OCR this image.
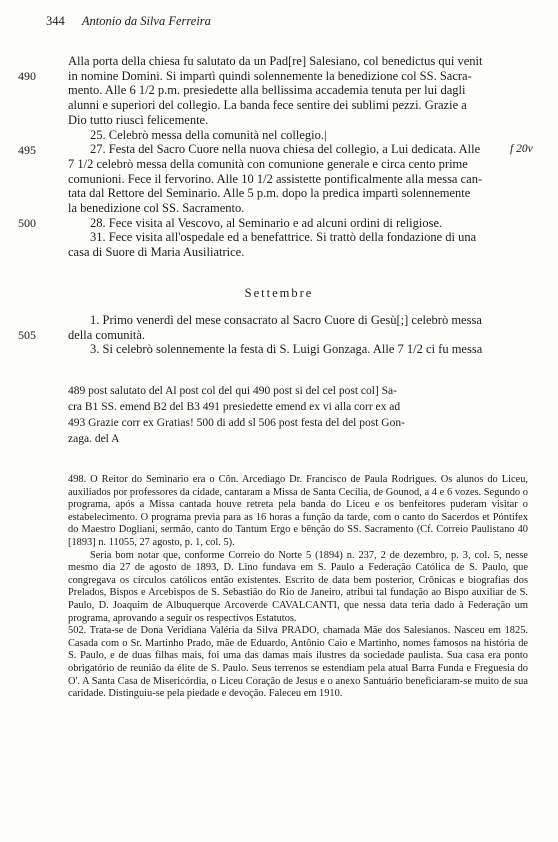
344 Antonio da Silva Ferreira
490
495
500
505
f 20v

Alla porta della chiesa fu salutato da un Pad[re] Salesiano, col benedictus qui venit

in nomine Domini. Si impartì quindi solennemente la benedizione col SS. Sacra-

mento. Alle 6 1/2 p.m. presiedette alla bellissima accademia tenuta per lui dagli

alunni e superiori del collegio. La banda fece sentire dei sublimi pezzi. Grazie a

Dio tutto riuscì felicemente.

25. Celebrò messa della comunità nel collegio.|

27. Festa del Sacro Cuore nella nuova chiesa del collegio, a Lui dedicata. Alle

7 1/2 celebrò messa della comunità con comunione generale e circa cento prime

comunioni. Fece il fervorino. Alle 10 1/2 assistette pontificalmente alla messa can-

tata dal Rettore del Seminario. Alle 5 p.m. dopo la predica impartì solennemente

la benedizione col SS. Sacramento.

28. Fece visita al Vescovo, al Seminario e ad alcuni ordini di religiose.

31. Fece visita all'ospedale ed a benefattrice. Si trattò della fondazione di una

casa di Suore di Maria Ausiliatrice.

Settembre

1. Primo venerdì del mese consacrato al Sacro Cuore di Gesù[;] celebrò messa

della comunità.

3. Si celebrò solennemente la festa di S. Luigi Gonzaga. Alle 7 1/2 ci fu messa

489 post salutato del Al post col del qui 490 post si del cel post col] Sa-

cra B1 SS. emend B2 del B3 491 presiedette emend ex vi alla corr ex ad

493 Grazie corr ex Gratias! 500 di add sl 506 post festa del del post Gon-

zaga. del A

498. O Reitor do Seminario era o Côn. Arcediago Dr. Francisco de Paula Rodrigues. Os alunos do Liceu, auxiliados por professores da cidade, cantaram a Missa de Santa Cecília, de Gounod, a 4 e 6 vozes. Segundo o programa, após a Missa cantada houve retreta pela banda do Liceu e os benfeitores puderam visitar o estabelecimento. O programa previa para as 16 horas a função da tarde, com o canto do Sacerdos et Póntifex do Maestro Dogliani, sermão, canto do Tantum Ergo e bênção do SS. Sacramento (Cf. Correio Paulistano 40 [1893] n. 11055, 27 agosto, p. 1, col. 5).

Seria bom notar que, conforme Correio do Norte 5 (1894) n. 237, 2 de dezembro, p. 3, col. 5, nesse mesmo dia 27 de agosto de 1893, D. Lino fundava em S. Paulo a Federação Católica de S. Paulo, que congregava os círculos católicos então existentes. Escrito de data bem posterior, Crônicas e biografias dos Prelados, Bispos e Arcebispos de S. Sebastião do Rio de Janeiro, atribui tal fundação ao Bispo auxiliar de S. Paulo, D. Joaquim de Albuquerque Arcoverde CAVALCANTI, que nessa data teria dado à Federação um programa, aprovando a seguir os respectivos Estatutos.

502. Trata-se de Dona Veridiana Valéria da Silva PRADO, chamada Mãe dos Salesianos. Nasceu em 1825. Casada com o Sr. Martinho Prado, mãe de Eduardo, Antônio Caio e Martinho, nomes famosos na história de S. Paulo, e de duas filhas mais, foi uma das damas mais ilustres da sociedade paulista. Sua casa era ponto obrigatório de reunião da élite de S. Paulo. Seus terrenos se estendiam pela atual Barra Funda e Freguesia do O'. A Santa Casa de Misericórdia, o Liceu Coração de Jesus e o anexo Santuário beneficiaram-se muito de sua caridade. Distinguiu-se pela piedade e devoção. Faleceu em 1910.
